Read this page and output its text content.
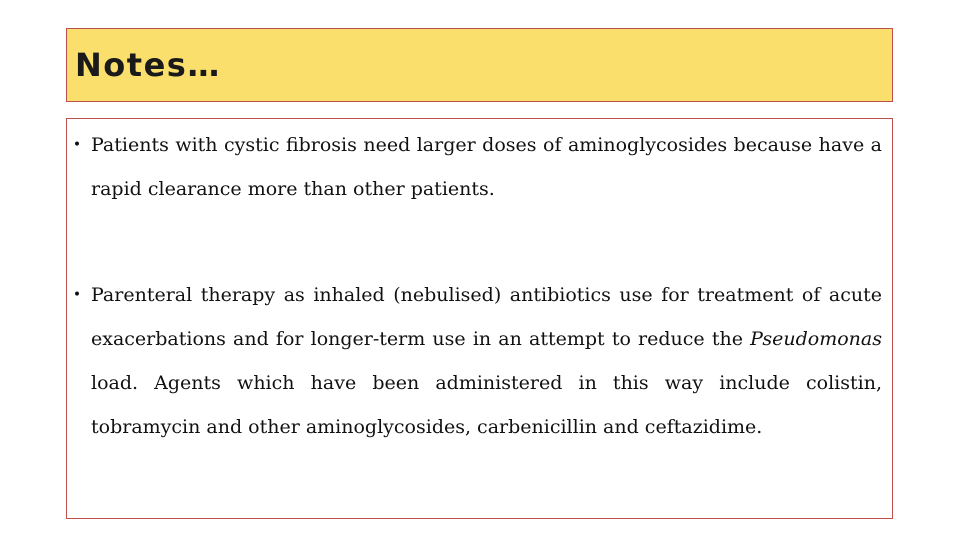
Notes…
• Patients with cystic fibrosis need larger doses of aminoglycosides because have a rapid clearance more than other patients.
• Parenteral therapy as inhaled (nebulised) antibiotics use for treatment of acute exacerbations and for longer-term use in an attempt to reduce the Pseudomonas load. Agents which have been administered in this way include colistin, tobramycin and other aminoglycosides, carbenicillin and ceftazidime.
